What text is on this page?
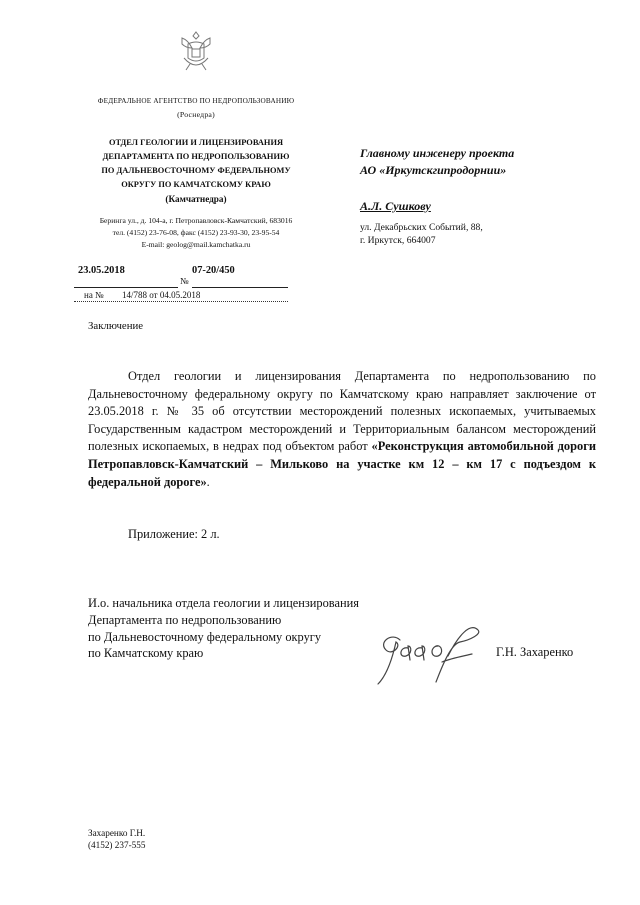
ФЕДЕРАЛЬНОЕ АГЕНТСТВО ПО НЕДРОПОЛЬЗОВАНИЮ
(Роснедра)
ОТДЕЛ ГЕОЛОГИИ И ЛИЦЕНЗИРОВАНИЯ
ДЕПАРТАМЕНТА ПО НЕДРОПОЛЬЗОВАНИЮ
ПО ДАЛЬНЕВОСТОЧНОМУ ФЕДЕРАЛЬНОМУ
ОКРУГУ ПО КАМЧАТСКОМУ КРАЮ
(Камчатнедра)
Беринга ул., д. 104-а, г. Петропавловск-Камчатский, 683016
тел. (4152) 23-76-08, факс (4152) 23-93-30, 23-95-54
E-mail: geolog@mail.kamchatka.ru
23.05.2018	07-20/450
№
на № 14/788 от 04.05.2018
Главному инженеру проекта
АО «Иркутскгипродорнии»
А.Л. Сушкову
ул. Декабрьских Событий, 88,
г. Иркутск, 664007
Заключение
Отдел геологии и лицензирования Департамента по недропользованию по Дальневосточному федеральному округу по Камчатскому краю направляет заключение от 23.05.2018 г. № 35 об отсутствии месторождений полезных ископаемых, учитываемых Государственным кадастром месторождений и Территориальным балансом месторождений полезных ископаемых, в недрах под объектом работ «Реконструкция автомобильной дороги Петропавловск-Камчатский – Мильково на участке км 12 – км 17 с подъездом к федеральной дороге».
Приложение: 2 л.
И.о. начальника отдела геологии и лицензирования
Департамента по недропользованию
по Дальневосточному федеральному округу
по Камчатскому краю	Г.Н. Захаренко
Захаренко Г.Н.
(4152) 237-555
